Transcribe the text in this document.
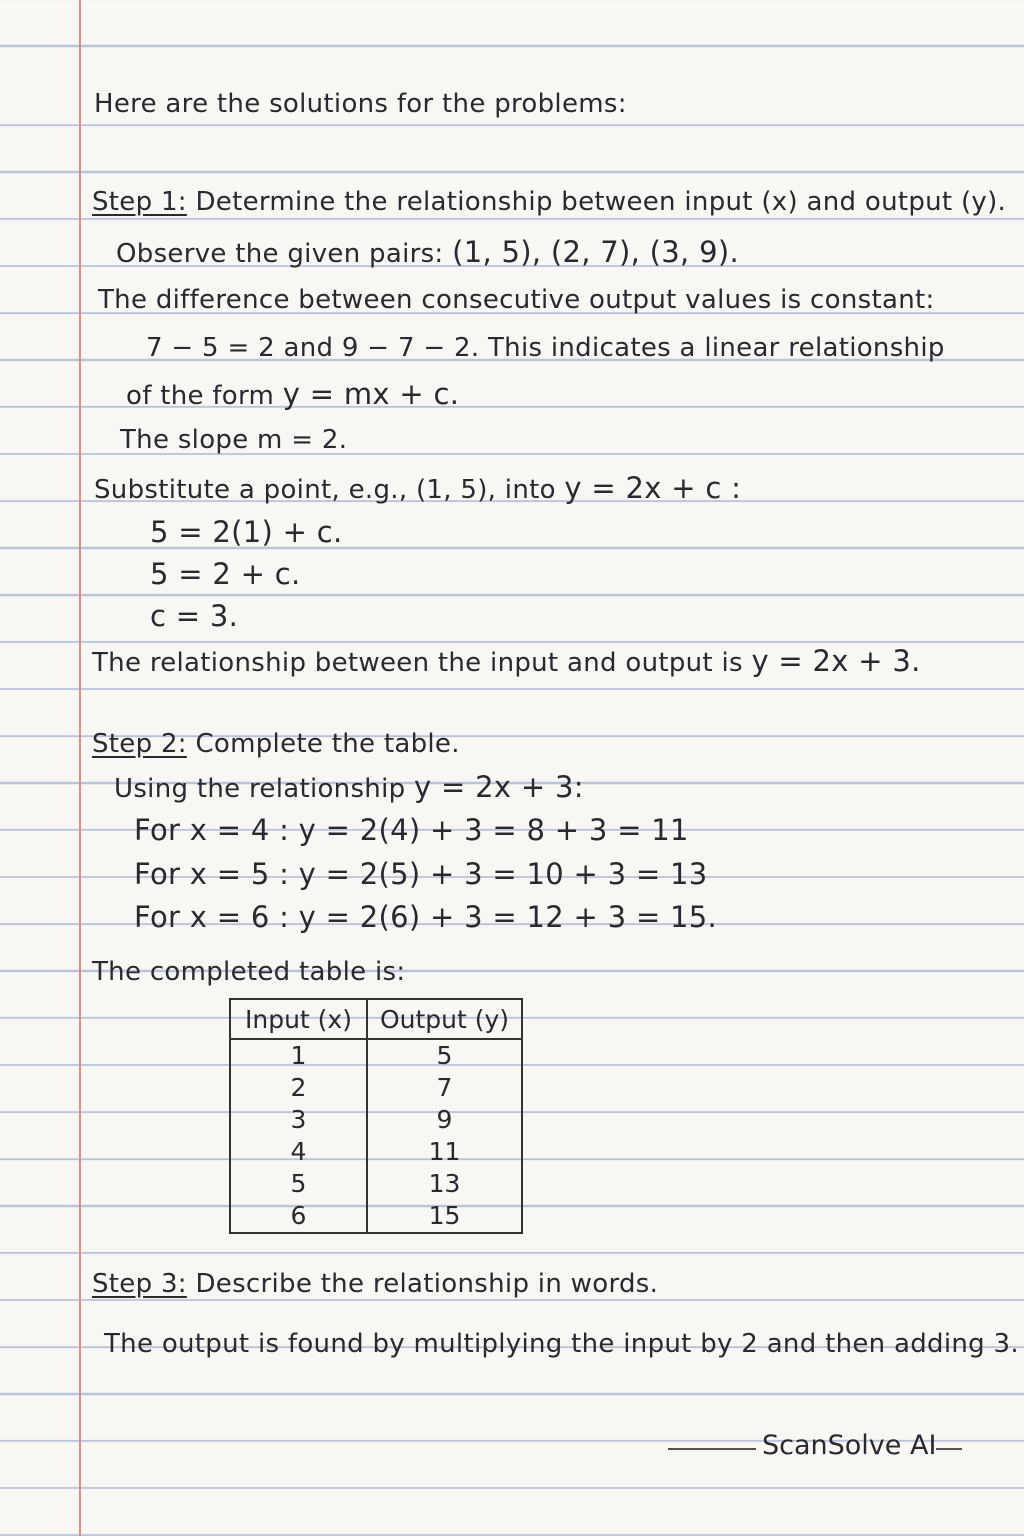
Here are the solutions for the problems:
Step 1: Determine the relationship between input (x) and output (y).
Observe the given pairs: (1, 5), (2, 7), (3, 9).
The difference between consecutive output values is constant:
7 − 5 = 2 and 9 − 7 − 2. This indicates a linear relationship
of the form y = mx + c.
The slope m = 2.
Substitute a point, e.g., (1, 5), into y = 2x + c :
5 = 2(1) + c.
5 = 2 + c.
c = 3.
The relationship between the input and output is y = 2x + 3.
Step 2: Complete the table.
Using the relationship y = 2x + 3:
For x = 4 : y = 2(4) + 3 = 8 + 3 = 11
For x = 5 : y = 2(5) + 3 = 10 + 3 = 13
For x = 6 : y = 2(6) + 3 = 12 + 3 = 15.
The completed table is:
Input (x)	Output (y)
1	5
2	7
3	9
4	11
5	13
6	15
Step 3: Describe the relationship in words.
The output is found by multiplying the input by 2 and then adding 3.
ScanSolve AI
